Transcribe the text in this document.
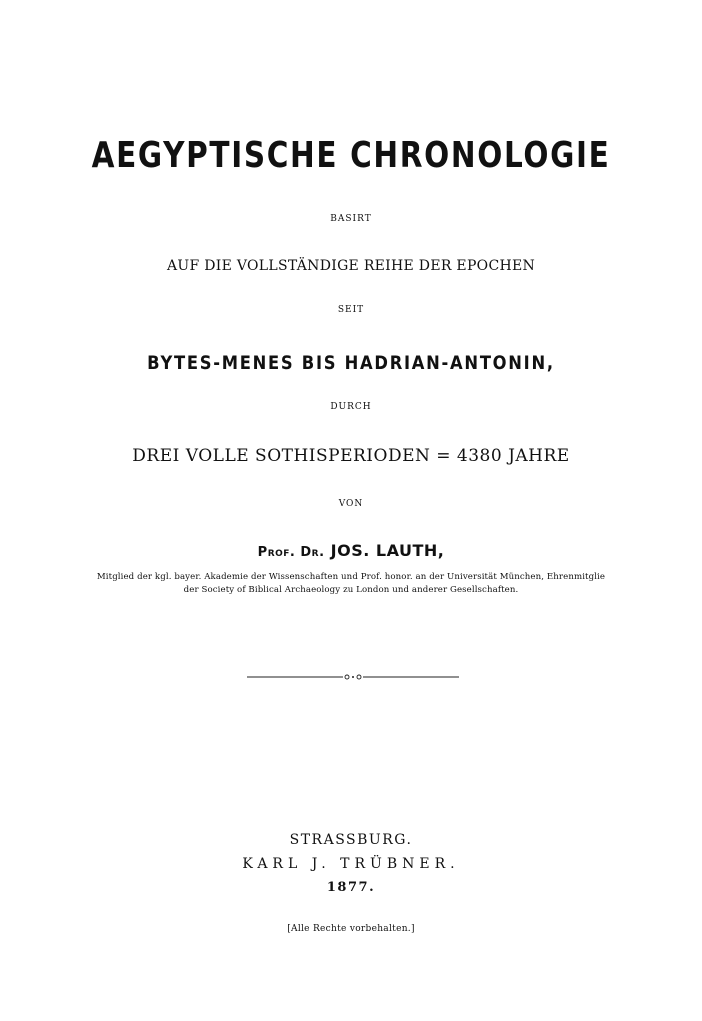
AEGYPTISCHE CHRONOLOGIE
BASIRT
AUF DIE VOLLSTÄNDIGE REIHE DER EPOCHEN
SEIT
BYTES-MENES BIS HADRIAN-ANTONIN,
DURCH
DREI VOLLE SOTHISPERIODEN = 4380 JAHRE
VON
Prof. Dr. JOS. LAUTH,
Mitglied der kgl. bayer. Akademie der Wissenschaften und Prof. honor. an der Universität München, Ehrenmitglie
der Society of Biblical Archaeology zu London und anderer Gesellschaften.
STRASSBURG.
KARL J. TRÜBNER.
1877.
[Alle Rechte vorbehalten.]
